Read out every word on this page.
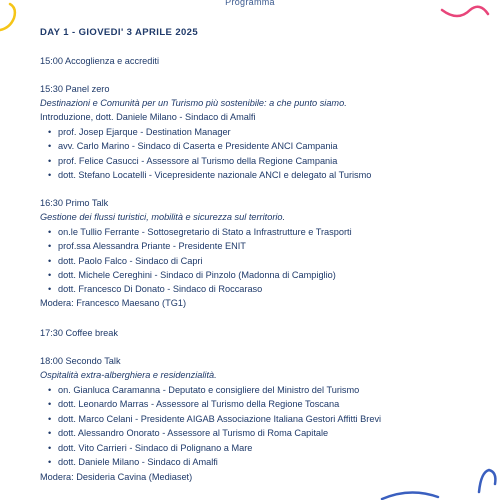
Programma
DAY 1 - GIOVEDI' 3 APRILE 2025
15:00 Accoglienza e accrediti
15:30 Panel zero
Destinazioni e Comunità per un Turismo più sostenibile: a che punto siamo.
Introduzione, dott. Daniele Milano - Sindaco di Amalfi
• prof. Josep Ejarque - Destination Manager
• avv. Carlo Marino - Sindaco di Caserta e Presidente ANCI Campania
• prof. Felice Casucci - Assessore al Turismo della Regione Campania
• dott. Stefano Locatelli - Vicepresidente nazionale ANCI e delegato al Turismo
16:30 Primo Talk
Gestione dei flussi turistici, mobilità e sicurezza sul territorio.
• on.le Tullio Ferrante - Sottosegretario di Stato a Infrastrutture e Trasporti
• prof.ssa Alessandra Priante - Presidente ENIT
• dott. Paolo Falco - Sindaco di Capri
• dott. Michele Cereghini - Sindaco di Pinzolo (Madonna di Campiglio)
• dott. Francesco Di Donato - Sindaco di Roccaraso
Modera: Francesco Maesano (TG1)
17:30 Coffee break
18:00 Secondo Talk
Ospitalità extra-alberghiera e residenzialità.
• on. Gianluca Caramanna - Deputato e consigliere del Ministro del Turismo
• dott. Leonardo Marras - Assessore al Turismo della Regione Toscana
• dott. Marco Celani - Presidente AIGAB Associazione Italiana Gestori Affitti Brevi
• dott. Alessandro Onorato - Assessore al Turismo di Roma Capitale
• dott. Vito Carrieri - Sindaco di Polignano a Mare
• dott. Daniele Milano - Sindaco di Amalfi
Modera: Desideria Cavina (Mediaset)
